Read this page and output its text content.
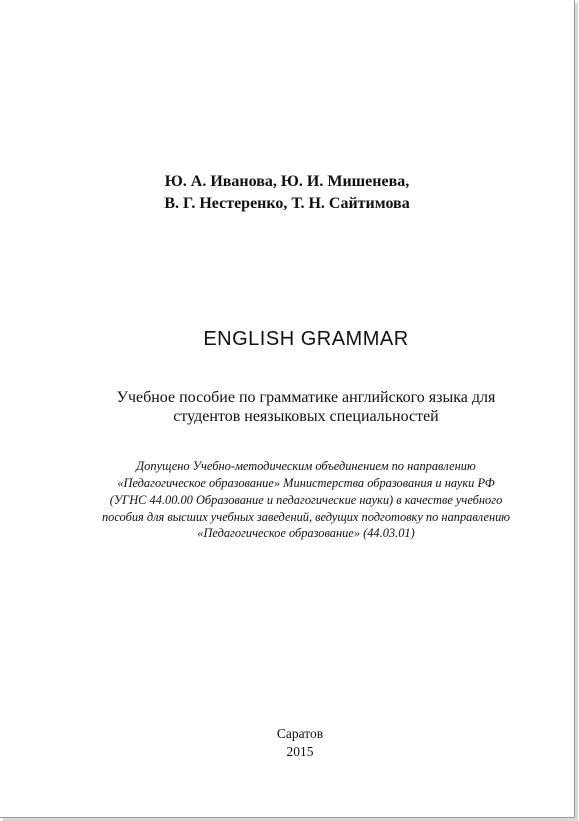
Ю. А. Иванова, Ю. И. Мишенева,
В. Г. Нестеренко, Т. Н. Сайтимова
ENGLISH GRAMMAR
Учебное пособие по грамматике английского языка для
студентов неязыковых специальностей
Допущено Учебно-методическим объединением по направлению
«Педагогическое образование» Министерства образования и науки РФ
(УГНС 44.00.00 Образование и педагогические науки) в качестве учебного
пособия для высших учебных заведений, ведущих подготовку по направлению
«Педагогическое образование» (44.03.01)
Саратов
2015
